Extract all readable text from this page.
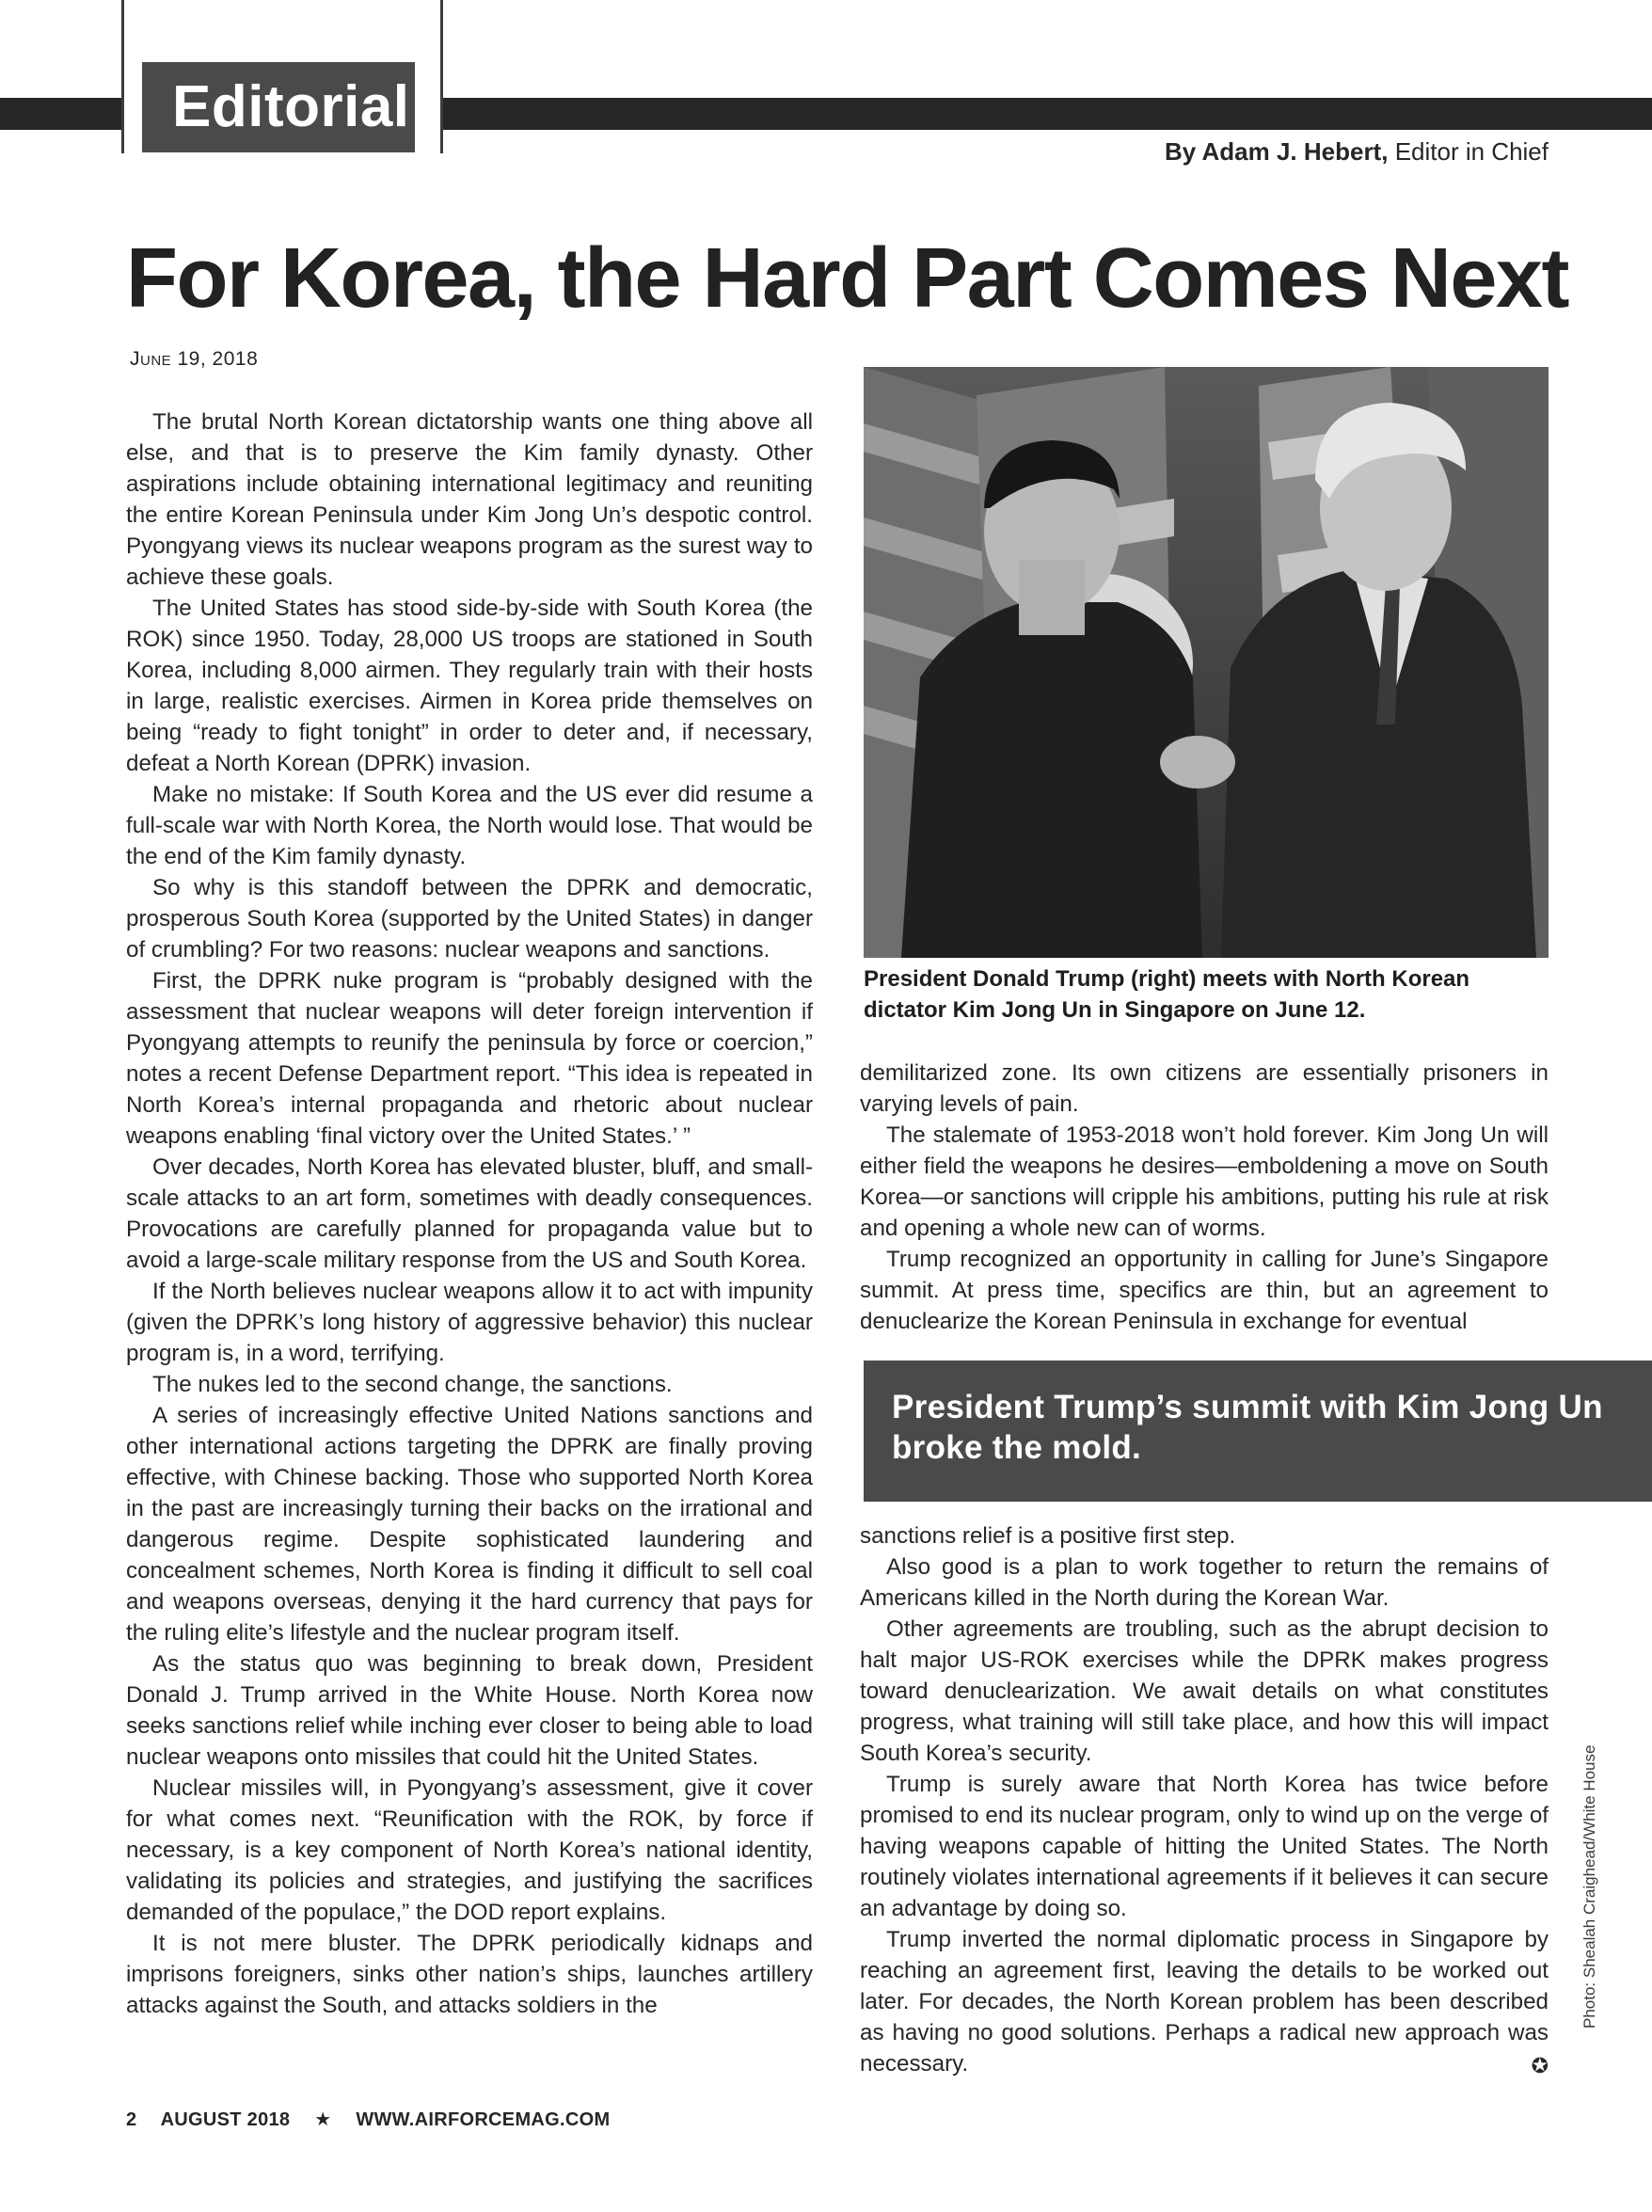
Editorial
By Adam J. Hebert, Editor in Chief
For Korea, the Hard Part Comes Next
June 19, 2018

The brutal North Korean dictatorship wants one thing above all else, and that is to preserve the Kim family dynasty. Other aspirations include obtaining international legitimacy and reuniting the entire Korean Peninsula under Kim Jong Un’s despotic control. Pyongyang views its nuclear weapons program as the surest way to achieve these goals.

The United States has stood side-by-side with South Korea (the ROK) since 1950. Today, 28,000 US troops are stationed in South Korea, including 8,000 airmen. They regularly train with their hosts in large, realistic exercises. Airmen in Korea pride themselves on being “ready to fight tonight” in order to deter and, if necessary, defeat a North Korean (DPRK) invasion.

Make no mistake: If South Korea and the US ever did resume a full-scale war with North Korea, the North would lose. That would be the end of the Kim family dynasty.

So why is this standoff between the DPRK and democratic, prosperous South Korea (supported by the United States) in danger of crumbling? For two reasons: nuclear weapons and sanctions.

First, the DPRK nuke program is “probably designed with the assessment that nuclear weapons will deter foreign intervention if Pyongyang attempts to reunify the peninsula by force or coercion,” notes a recent Defense Department report. “This idea is repeated in North Korea’s internal propaganda and rhetoric about nuclear weapons enabling ‘final victory over the United States.’ ”

Over decades, North Korea has elevated bluster, bluff, and small-scale attacks to an art form, sometimes with deadly consequences. Provocations are carefully planned for propaganda value but to avoid a large-scale military response from the US and South Korea.

If the North believes nuclear weapons allow it to act with impunity (given the DPRK’s long history of aggressive behavior) this nuclear program is, in a word, terrifying.

The nukes led to the second change, the sanctions.

A series of increasingly effective United Nations sanctions and other international actions targeting the DPRK are finally proving effective, with Chinese backing. Those who supported North Korea in the past are increasingly turning their backs on the irrational and dangerous regime. Despite sophisticated laundering and concealment schemes, North Korea is finding it difficult to sell coal and weapons overseas, denying it the hard currency that pays for the ruling elite’s lifestyle and the nuclear program itself.

As the status quo was beginning to break down, President Donald J. Trump arrived in the White House. North Korea now seeks sanctions relief while inching ever closer to being able to load nuclear weapons onto missiles that could hit the United States.

Nuclear missiles will, in Pyongyang’s assessment, give it cover for what comes next. “Reunification with the ROK, by force if necessary, is a key component of North Korea’s national identity, validating its policies and strategies, and justifying the sacrifices demanded of the populace,” the DOD report explains.

It is not mere bluster. The DPRK periodically kidnaps and imprisons foreigners, sinks other nation’s ships, launches artillery attacks against the South, and attacks soldiers in the

President Donald Trump (right) meets with North Korean dictator Kim Jong Un in Singapore on June 12.

demilitarized zone. Its own citizens are essentially prisoners in varying levels of pain.

The stalemate of 1953-2018 won’t hold forever. Kim Jong Un will either field the weapons he desires—emboldening a move on South Korea—or sanctions will cripple his ambitions, putting his rule at risk and opening a whole new can of worms.

Trump recognized an opportunity in calling for June’s Singapore summit. At press time, specifics are thin, but an agreement to denuclearize the Korean Peninsula in exchange for eventual

President Trump’s summit with Kim Jong Un broke the mold.

sanctions relief is a positive first step.

Also good is a plan to work together to return the remains of Americans killed in the North during the Korean War.

Other agreements are troubling, such as the abrupt decision to halt major US-ROK exercises while the DPRK makes progress toward denuclearization. We await details on what constitutes progress, what training will still take place, and how this will impact South Korea’s security.

Trump is surely aware that North Korea has twice before promised to end its nuclear program, only to wind up on the verge of having weapons capable of hitting the United States. The North routinely violates international agreements if it believes it can secure an advantage by doing so.

Trump inverted the normal diplomatic process in Singapore by reaching an agreement first, leaving the details to be worked out later. For decades, the North Korean problem has been described as having no good solutions. Perhaps a radical new approach was necessary.	✪

Photo: Shealah Craighead/White House
2 AUGUST 2018 ★ WWW.AIRFORCEMAG.COM
